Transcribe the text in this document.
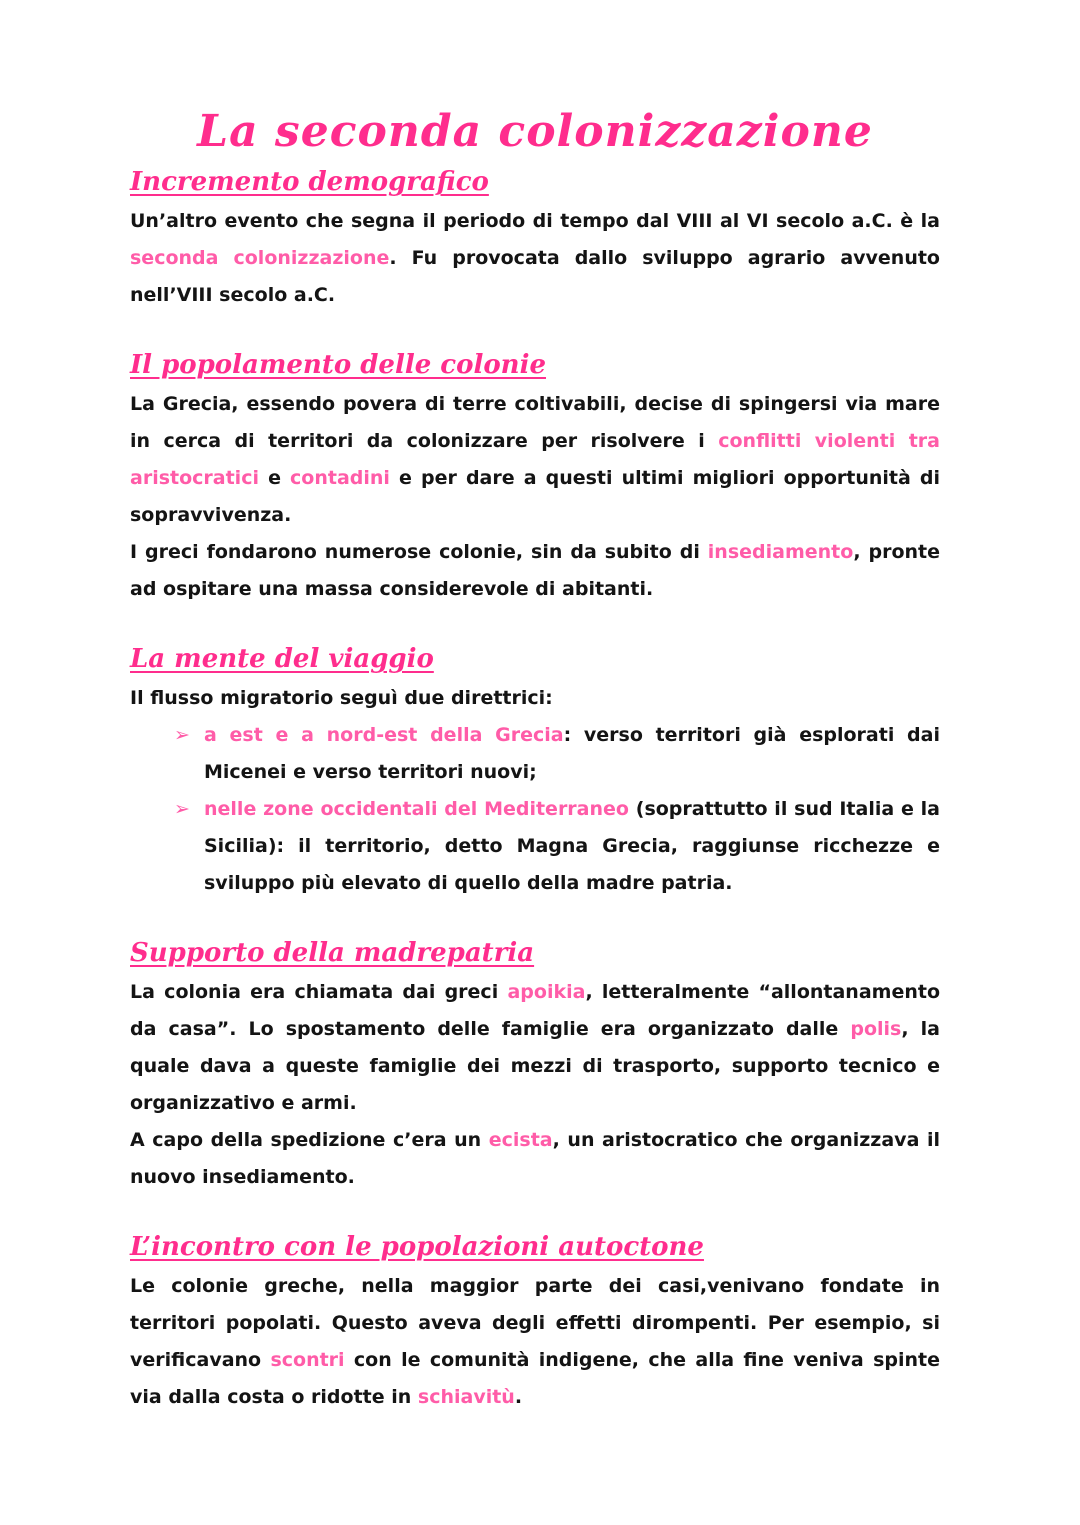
La seconda colonizzazione
Incremento demografico

Un’altro evento che segna il periodo di tempo dal VIII al VI secolo a.C. è la seconda colonizzazione. Fu provocata dallo sviluppo agrario avvenuto nell’VIII secolo a.C.

Il popolamento delle colonie

La Grecia, essendo povera di terre coltivabili, decise di spingersi via mare in cerca di territori da colonizzare per risolvere i conflitti violenti tra aristocratici e contadini e per dare a questi ultimi migliori opportunità di sopravvivenza.

I greci fondarono numerose colonie, sin da subito di insediamento, pronte ad ospitare una massa considerevole di abitanti.

La mente del viaggio

Il flusso migratorio seguì due direttrici:

➢ a est e a nord-est della Grecia: verso territori già esplorati dai Micenei e verso territori nuovi;
➢ nelle zone occidentali del Mediterraneo (soprattutto il sud Italia e la Sicilia): il territorio, detto Magna Grecia, raggiunse ricchezze e sviluppo più elevato di quello della madre patria.
Supporto della madrepatria

La colonia era chiamata dai greci apoikia, letteralmente “allontanamento da casa”. Lo spostamento delle famiglie era organizzato dalle polis, la quale dava a queste famiglie dei mezzi di trasporto, supporto tecnico e organizzativo e armi.

A capo della spedizione c’era un ecista, un aristocratico che organizzava il nuovo insediamento.

L’incontro con le popolazioni autoctone

Le colonie greche, nella maggior parte dei casi,venivano fondate in territori popolati. Questo aveva degli effetti dirompenti. Per esempio, si verificavano scontri con le comunità indigene, che alla fine veniva spinte via dalla costa o ridotte in schiavitù.
